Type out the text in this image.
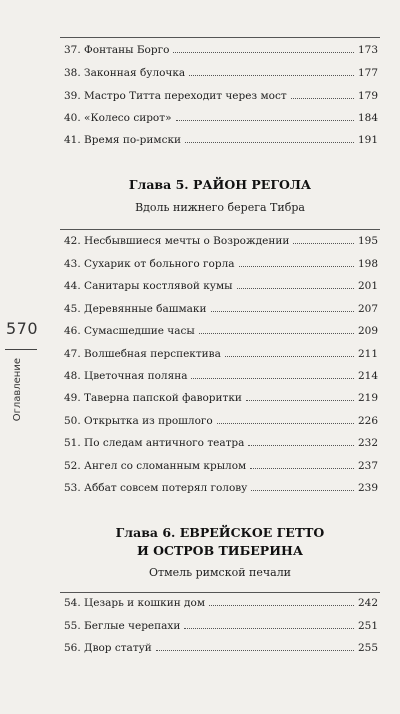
570
Оглавление
37. Фонтаны Борго	173
38. Законная булочка	177
39. Мастро Титта переходит через мост	179
40. «Колесо сирот»	184
41. Время по-римски	191
Глава 5. РАЙОН РЕГОЛА
Вдоль нижнего берега Тибра
42. Несбывшиеся мечты о Возрождении	195
43. Сухарик от больного горла	198
44. Санитары костлявой кумы	201
45. Деревянные башмаки	207
46. Сумасшедшие часы	209
47. Волшебная перспектива	211
48. Цветочная поляна	214
49. Таверна папской фаворитки	219
50. Открытка из прошлого	226
51. По следам античного театра	232
52. Ангел со сломанным крылом	237
53. Аббат совсем потерял голову	239
Глава 6. ЕВРЕЙСКОЕ ГЕТТО
И ОСТРОВ ТИБЕРИНА
Отмель римской печали
54. Цезарь и кошкин дом	242
55. Беглые черепахи	251
56. Двор статуй	255
